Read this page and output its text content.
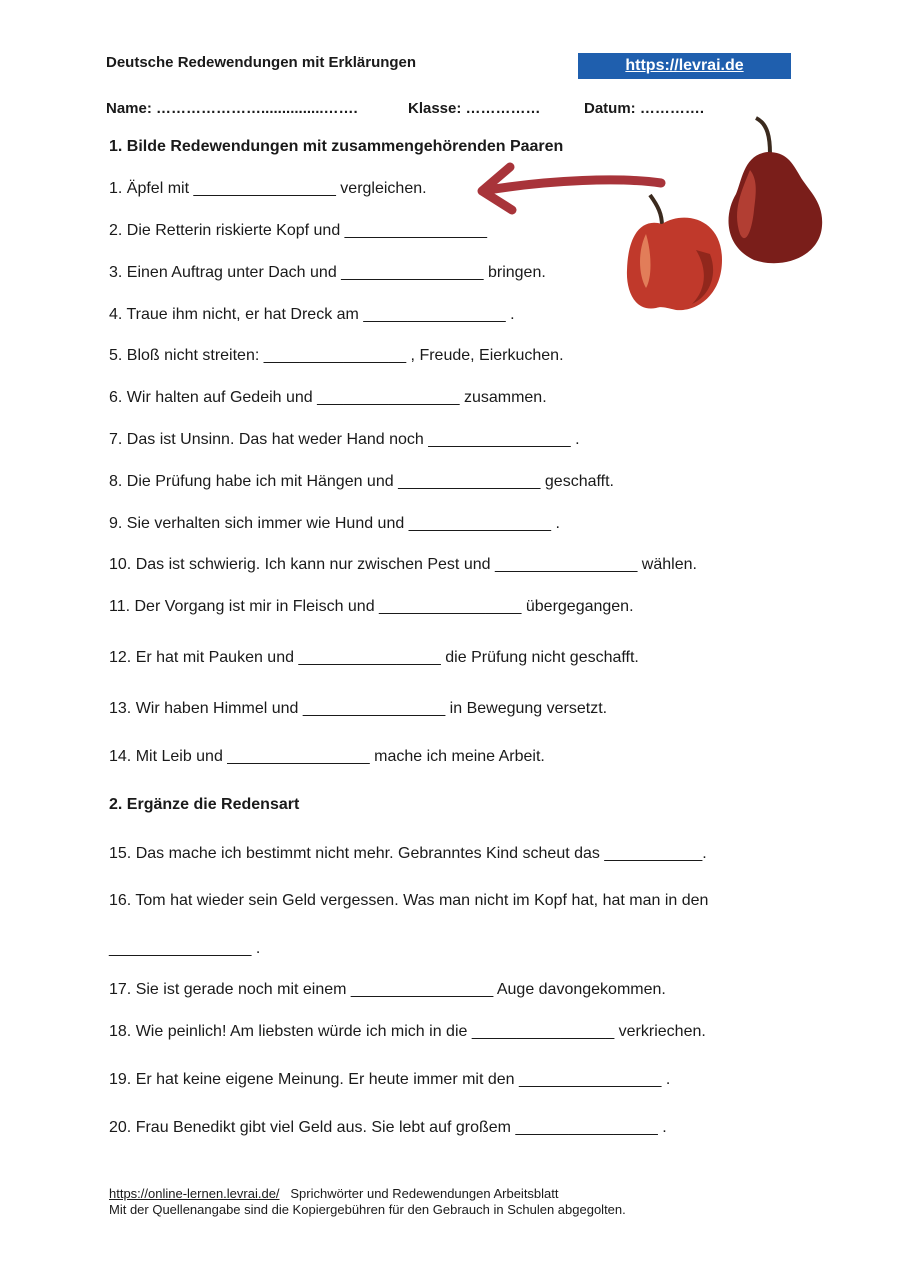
Deutsche Redewendungen mit Erklärungen	https://levrai.de
Name: …………………...............…….	Klasse: ……………	Datum: ………….
1. Bilde Redewendungen mit zusammengehörenden Paaren
1. Äpfel mit ________________ vergleichen.
2. Die Retterin riskierte Kopf und ________________
3. Einen Auftrag unter Dach und ________________ bringen.
4. Traue ihm nicht, er hat Dreck am ________________ .
5. Bloß nicht streiten: ________________ , Freude, Eierkuchen.
6. Wir halten auf Gedeih und ________________ zusammen.
7. Das ist Unsinn. Das hat weder Hand noch ________________ .
8. Die Prüfung habe ich mit Hängen und ________________ geschafft.
9. Sie verhalten sich immer wie Hund und ________________ .
10. Das ist schwierig. Ich kann nur zwischen Pest und ________________ wählen.
11. Der Vorgang ist mir in Fleisch und ________________ übergegangen.
12. Er hat mit Pauken und ________________ die Prüfung nicht geschafft.
13. Wir haben Himmel und ________________ in Bewegung versetzt.
14. Mit Leib und ________________ mache ich meine Arbeit.
2. Ergänze die Redensart
15. Das mache ich bestimmt nicht mehr. Gebranntes Kind scheut das ___________.
16. Tom hat wieder sein Geld vergessen. Was man nicht im Kopf hat, hat man in den
________________ .
17. Sie ist gerade noch mit einem ________________ Auge davongekommen.
18. Wie peinlich! Am liebsten würde ich mich in die ________________ verkriechen.
19. Er hat keine eigene Meinung. Er heute immer mit den ________________ .
20. Frau Benedikt gibt viel Geld aus. Sie lebt auf großem ________________ .
https://online-lernen.levrai.de/ Sprichwörter und Redewendungen Arbeitsblatt
Mit der Quellenangabe sind die Kopiergebühren für den Gebrauch in Schulen abgegolten.
